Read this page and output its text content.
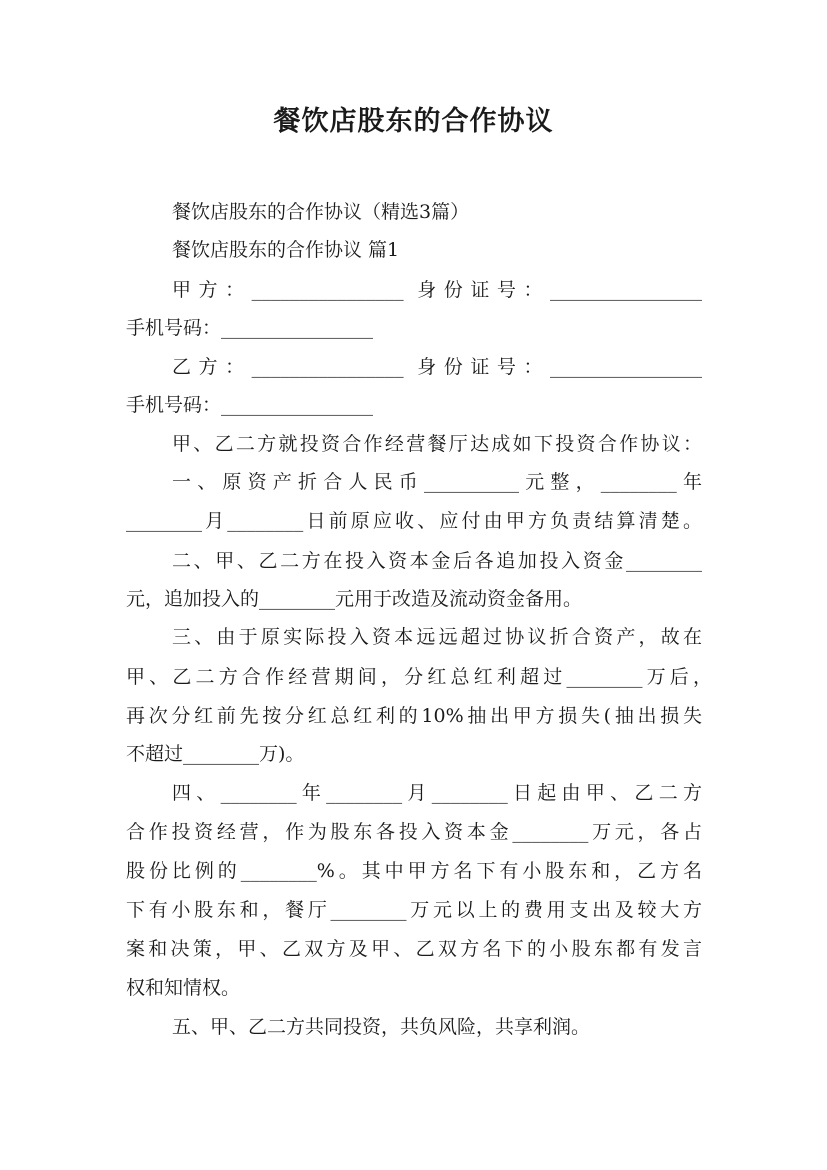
餐饮店股东的合作协议
餐饮店股东的合作协议（精选3篇）
餐饮店股东的合作协议 篇1
甲方：________________ 身份证号：________________
手机号码：________________
乙方：________________ 身份证号：________________
手机号码：________________
甲、乙二方就投资合作经营餐厅达成如下投资合作协议：
一、原资产折合人民币__________元整，________年
________月________日前原应收、应付由甲方负责结算清楚。
二、甲、乙二方在投入资本金后各追加投入资金________
元，追加投入的________元用于改造及流动资金备用。
三、由于原实际投入资本远远超过协议折合资产，故在
甲、乙二方合作经营期间，分红总红利超过________万后，
再次分红前先按分红总红利的10%抽出甲方损失(抽出损失
不超过________万)。
四、________年________月________日起由甲、乙二方
合作投资经营，作为股东各投入资本金________万元，各占
股份比例的________%。其中甲方名下有小股东和，乙方名
下有小股东和，餐厅________万元以上的费用支出及较大方
案和决策，甲、乙双方及甲、乙双方名下的小股东都有发言
权和知情权。
五、甲、乙二方共同投资，共负风险，共享利润。
